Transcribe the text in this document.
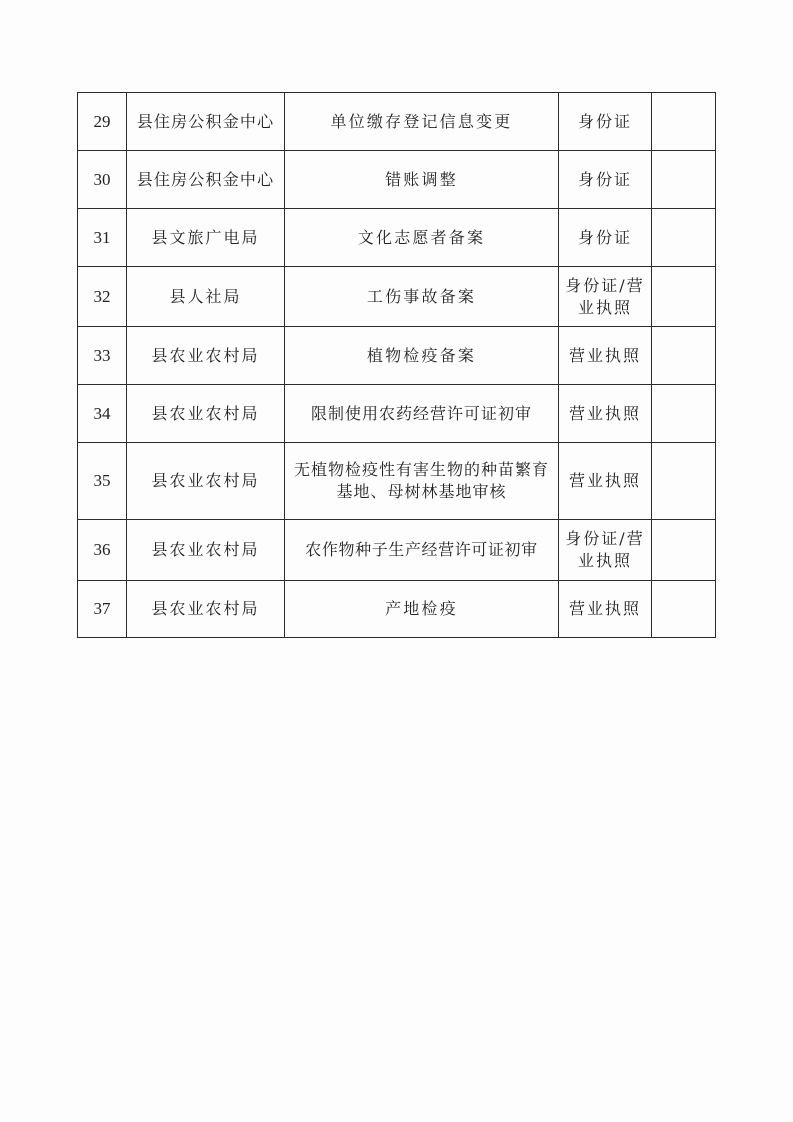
29	县住房公积金中心	单位缴存登记信息变更	身份证	
30	县住房公积金中心	错账调整	身份证	
31	县文旅广电局	文化志愿者备案	身份证	
32	县人社局	工伤事故备案	身份证/营业执照	
33	县农业农村局	植物检疫备案	营业执照	
34	县农业农村局	限制使用农药经营许可证初审	营业执照	
35	县农业农村局	无植物检疫性有害生物的种苗繁育基地、母树林基地审核	营业执照	
36	县农业农村局	农作物种子生产经营许可证初审	身份证/营业执照	
37	县农业农村局	产地检疫	营业执照	
